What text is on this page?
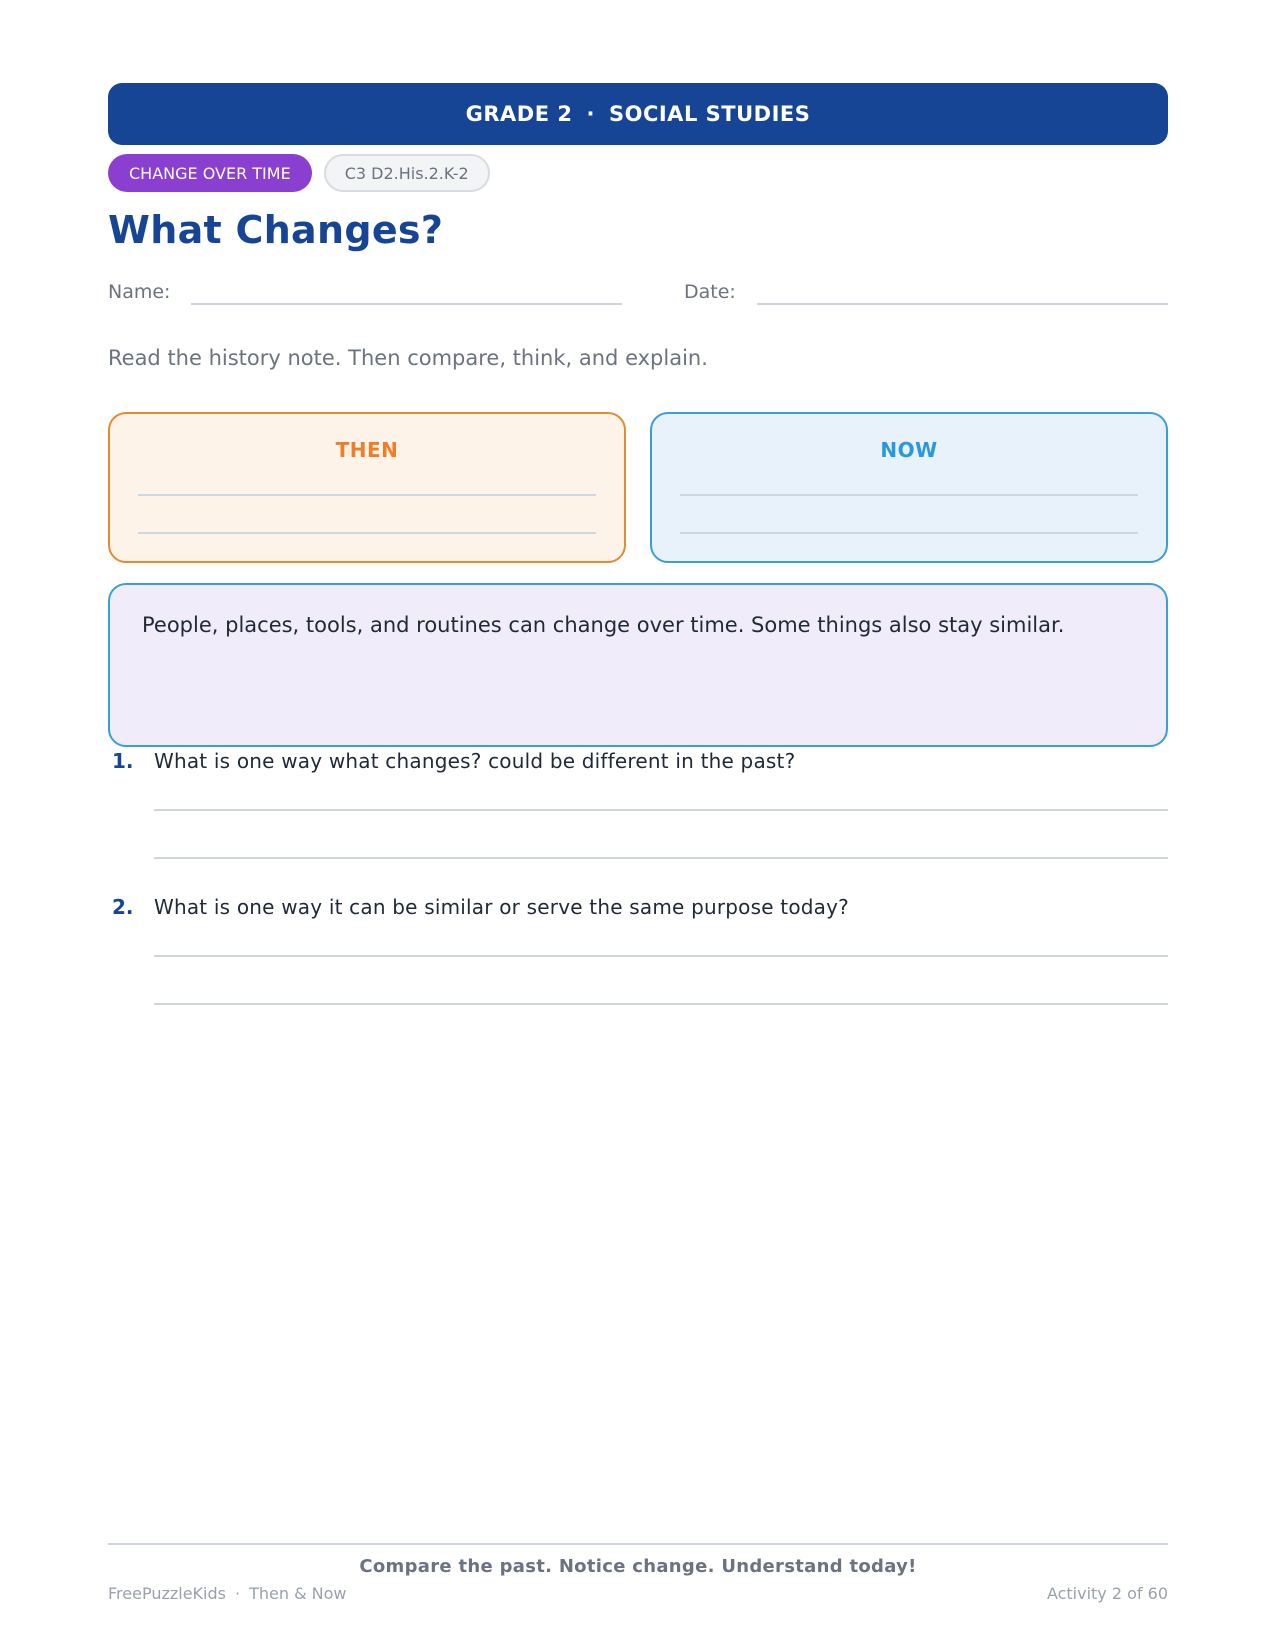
GRADE 2 · SOCIAL STUDIES
CHANGE OVER TIME	C3 D2.His.2.K-2
What Changes?
Name:	Date:
Read the history note. Then compare, think, and explain.
THEN	NOW
People, places, tools, and routines can change over time. Some things also stay similar.
1. What is one way what changes? could be different in the past?
2. What is one way it can be similar or serve the same purpose today?
Compare the past. Notice change. Understand today!
FreePuzzleKids · Then & Now	Activity 2 of 60
